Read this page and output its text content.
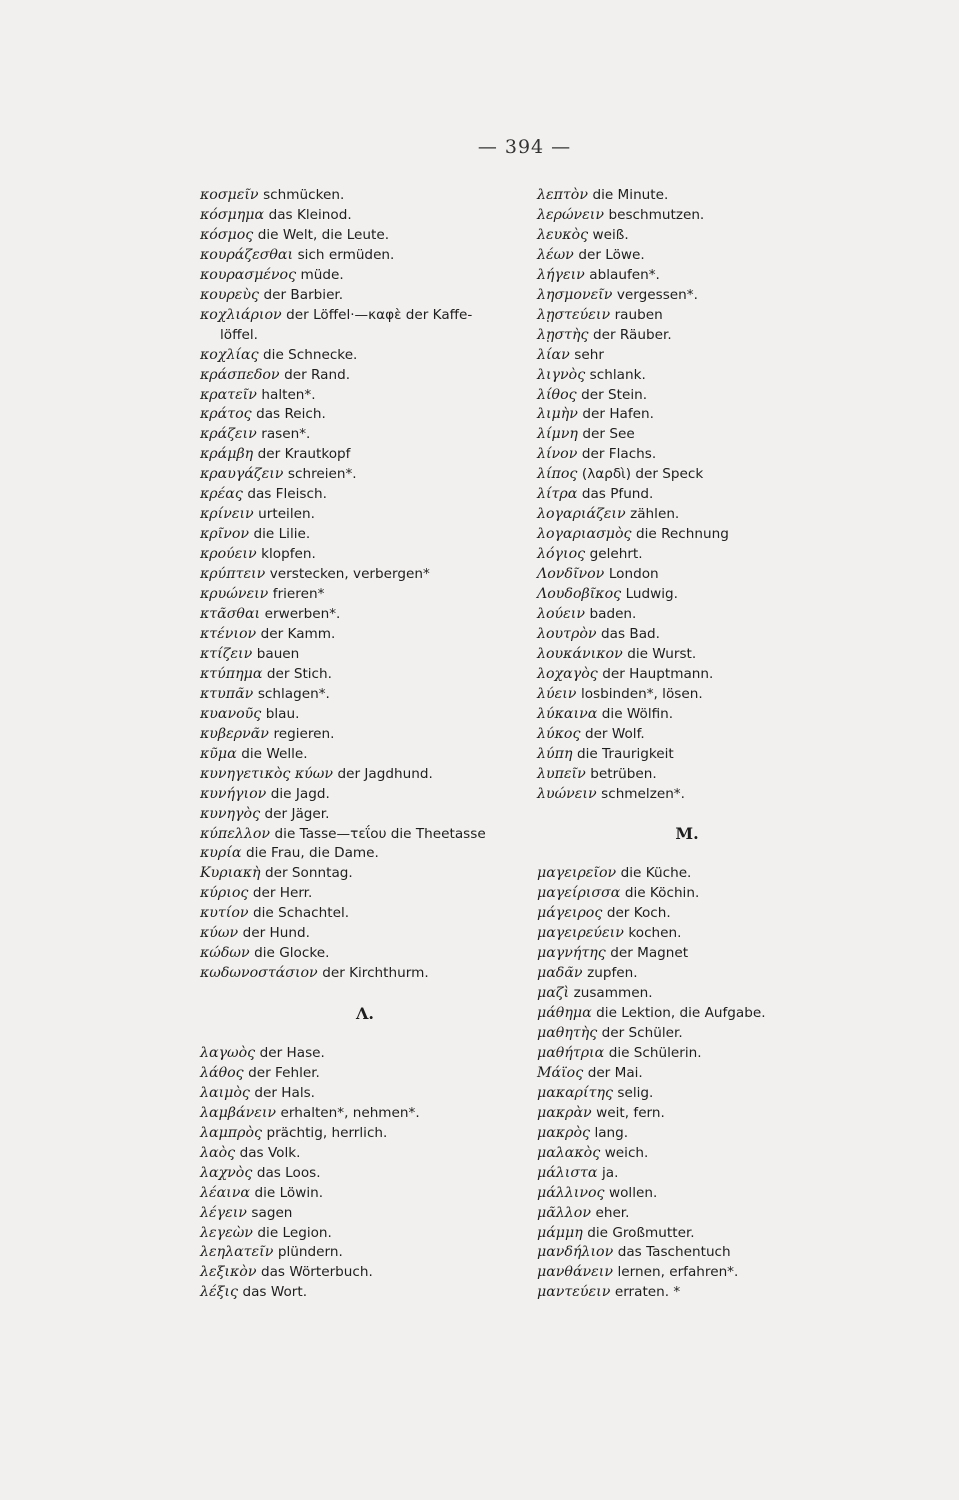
— 394 —
κοσμεῖν schmücken.
κόσμημα das Kleinod.
κόσμος die Welt, die Leute.
κουράζεσθαι sich ermüden.
κουρασμένος müde.
κουρεὺς der Barbier.
κοχλιάριον der Löffel·—καφὲ der Kaffe-
löffel.
κοχλίας die Schnecke.
κράσπεδον der Rand.
κρατεῖν halten*.
κράτος das Reich.
κράζειν rasen*.
κράμβη der Krautkopf
κραυγάζειν schreien*.
κρέας das Fleisch.
κρίνειν urteilen.
κρῖνον die Lilie.
κρούειν klopfen.
κρύπτειν verstecken, verbergen*
κρυώνειν frieren*
κτᾶσθαι erwerben*.
κτένιον der Kamm.
κτίζειν bauen
κτύπημα der Stich.
κτυπᾶν schlagen*.
κυανοῦς blau.
κυβερνᾶν regieren.
κῦμα die Welle.
κυνηγετικὸς κύων der Jagdhund.
κυνήγιον die Jagd.
κυνηγὸς der Jäger.
κύπελλον die Tasse—τεΐου die Theetasse
κυρία die Frau, die Dame.
Κυριακὴ der Sonntag.
κύριος der Herr.
κυτίον die Schachtel.
κύων der Hund.
κώδων die Glocke.
κωδωνοστάσιον der Kirchthurm.
Λ.
λαγωὸς der Hase.
λάθος der Fehler.
λαιμὸς der Hals.
λαμβάνειν erhalten*, nehmen*.
λαμπρὸς prächtig, herrlich.
λαὸς das Volk.
λαχνὸς das Loos.
λέαινα die Löwin.
λέγειν sagen
λεγεὼν die Legion.
λεηλατεῖν plündern.
λεξικὸν das Wörterbuch.
λέξις das Wort.
λεπτὸν die Minute.
λερώνειν beschmutzen.
λευκὸς weiß.
λέων der Löwe.
λήγειν ablaufen*.
λησμονεῖν vergessen*.
λῃστεύειν rauben
λῃστὴς der Räuber.
λίαν sehr
λιγνὸς schlank.
λίθος der Stein.
λιμὴν der Hafen.
λίμνη der See
λίνον der Flachs.
λίπος (λαρδὶ) der Speck
λίτρα das Pfund.
λογαριάζειν zählen.
λογαριασμὸς die Rechnung
λόγιος gelehrt.
Λονδῖνον London
Λουδοβῖκος Ludwig.
λούειν baden.
λουτρὸν das Bad.
λουκάνικον die Wurst.
λοχαγὸς der Hauptmann.
λύειν losbinden*, lösen.
λύκαινα die Wölfin.
λύκος der Wolf.
λύπη die Traurigkeit
λυπεῖν betrüben.
λυώνειν schmelzen*.
M.
μαγειρεῖον die Küche.
μαγείρισσα die Köchin.
μάγειρος der Koch.
μαγειρεύειν kochen.
μαγνήτης der Magnet
μαδᾶν zupfen.
μαζὶ zusammen.
μάθημα die Lektion, die Aufgabe.
μαθητὴς der Schüler.
μαθήτρια die Schülerin.
Μάϊος der Mai.
μακαρίτης selig.
μακρὰν weit, fern.
μακρὸς lang.
μαλακὸς weich.
μάλιστα ja.
μάλλινος wollen.
μᾶλλον eher.
μάμμη die Großmutter.
μανδήλιον das Taschentuch
μανθάνειν lernen, erfahren*.
μαντεύειν erraten. *
